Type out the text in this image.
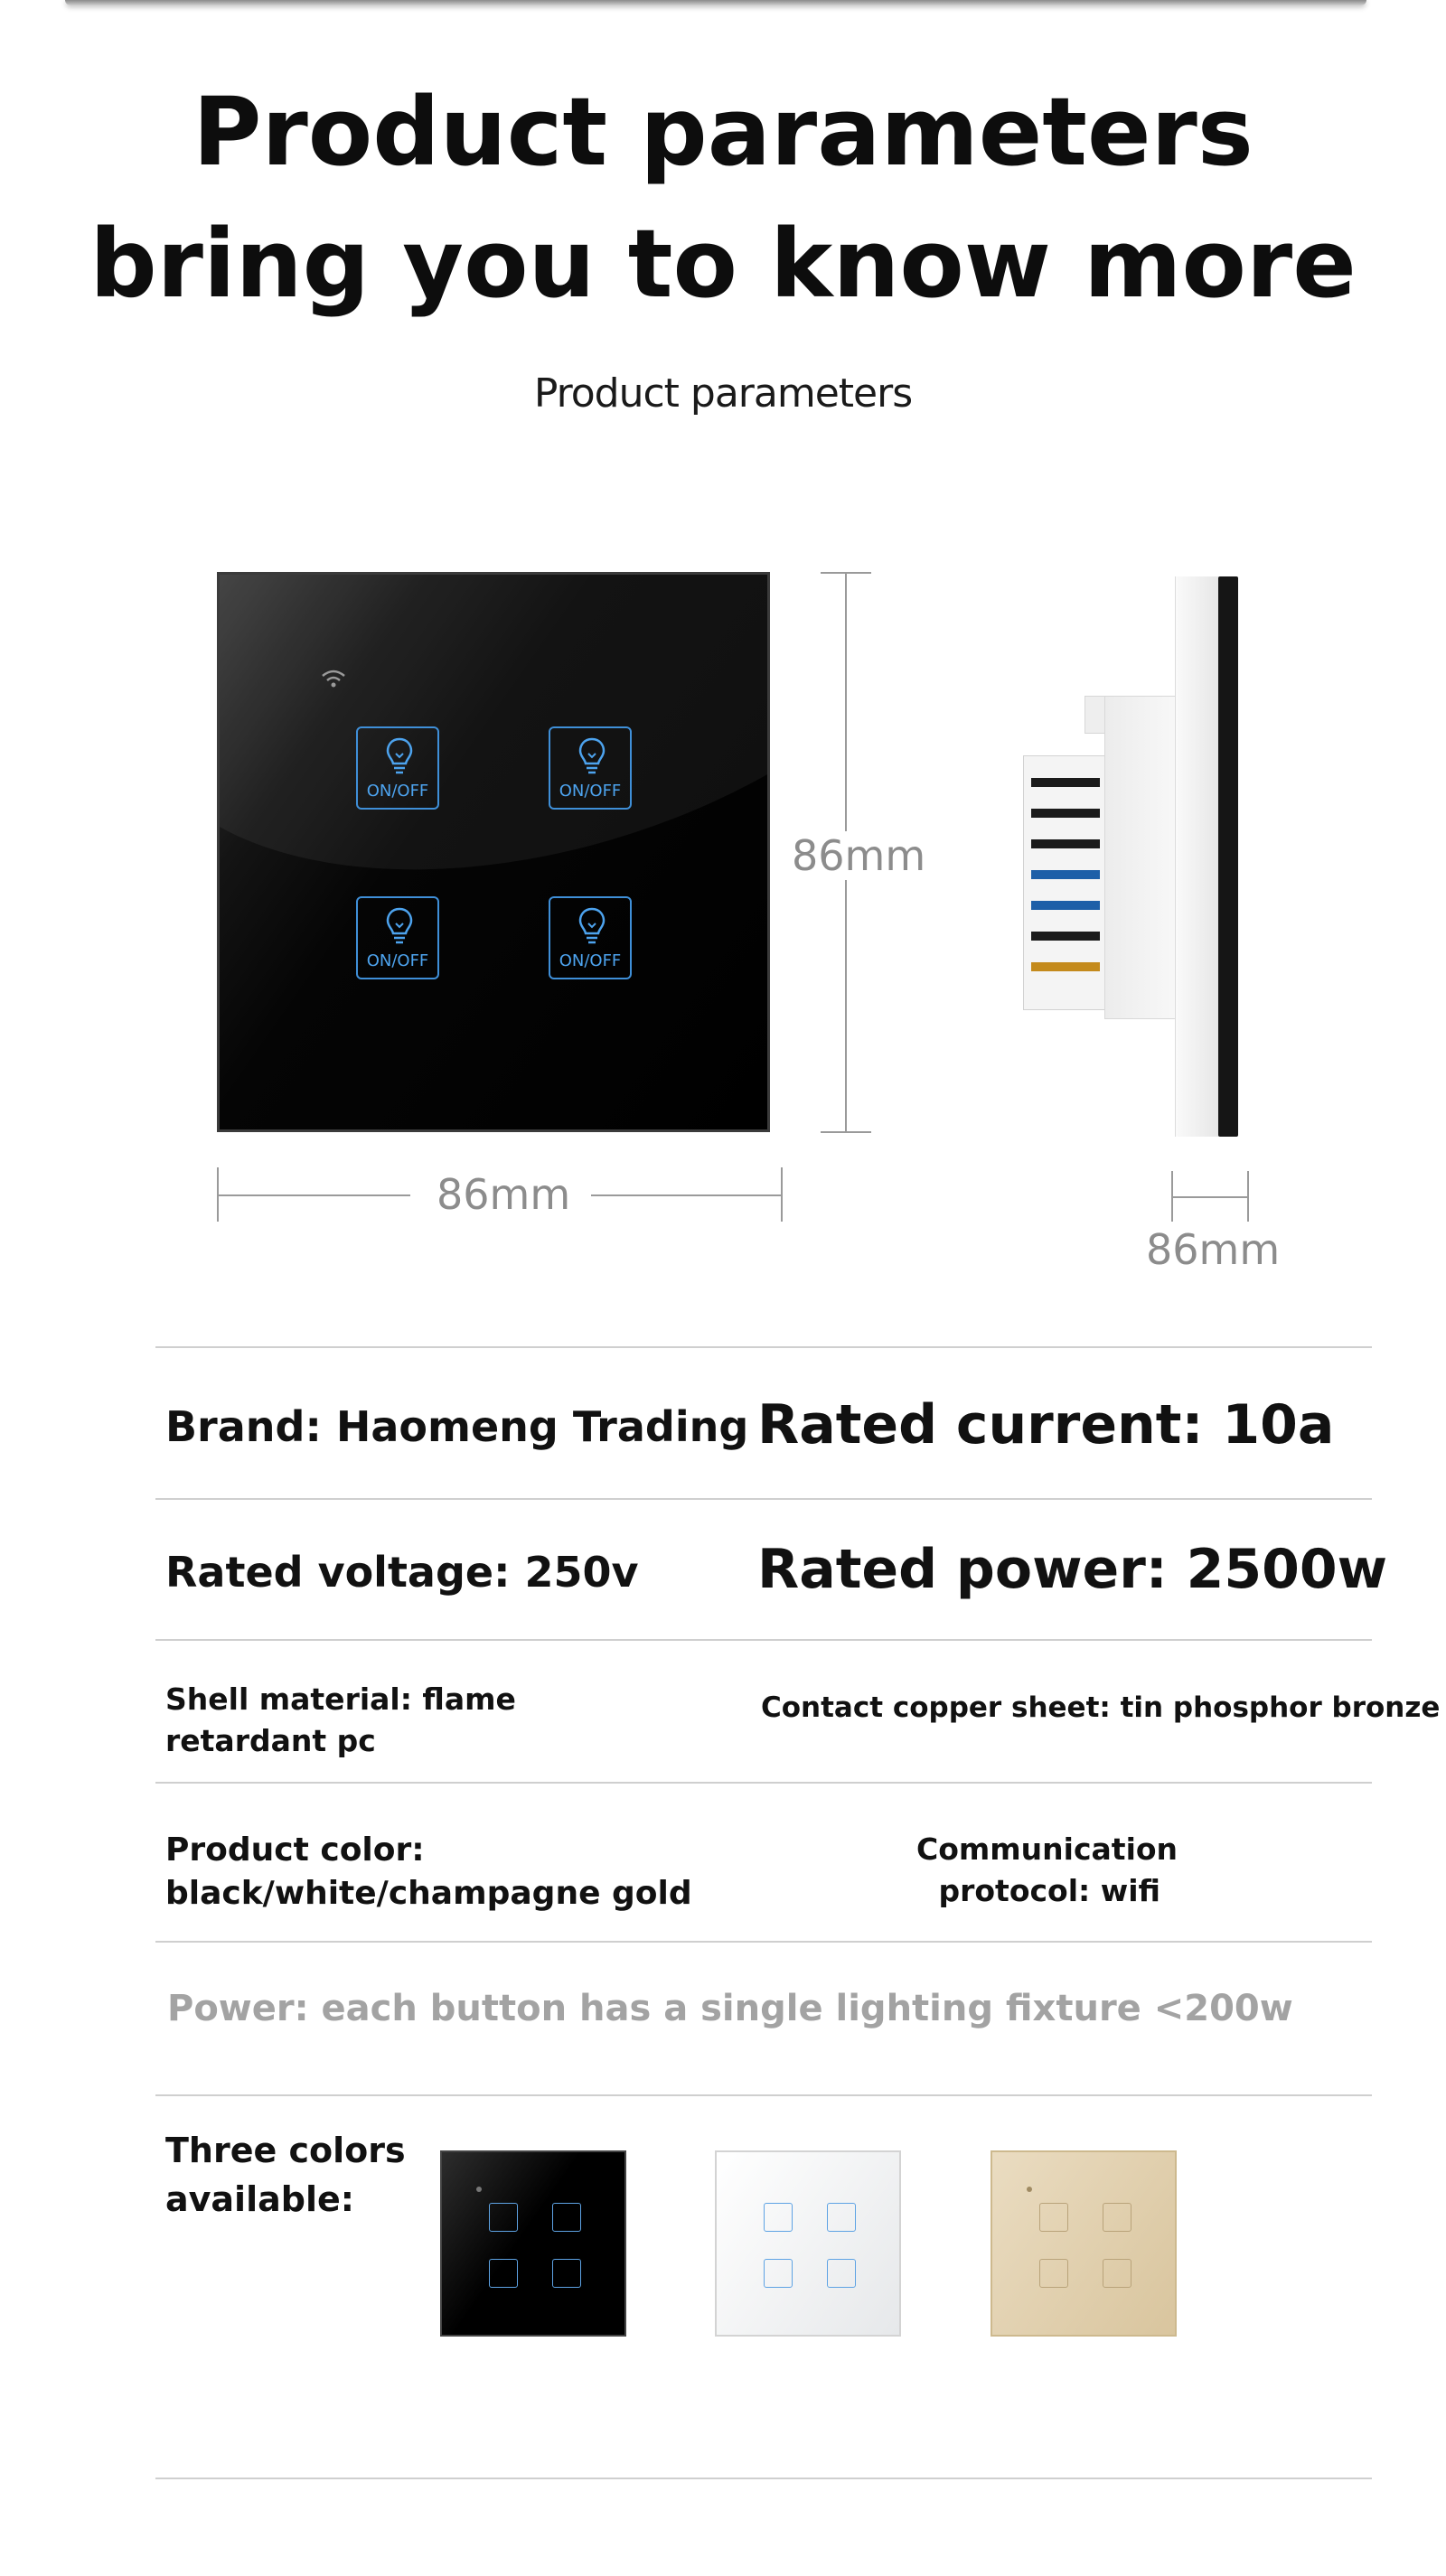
Product parameters
bring you to know more
Product parameters
ON/OFF	ON/OFF
ON/OFF	ON/OFF
86mm
86mm
86mm
Brand: Haomeng Trading Rated current: 10a
Rated voltage: 250v Rated power: 2500w
Shell material: flame
retardant pc
Contact copper sheet: tin phosphor bronze
Product color:
black/white/champagne gold
Communication
protocol: wifi
Power: each button has a single lighting fixture <200w
Three colors
available:
